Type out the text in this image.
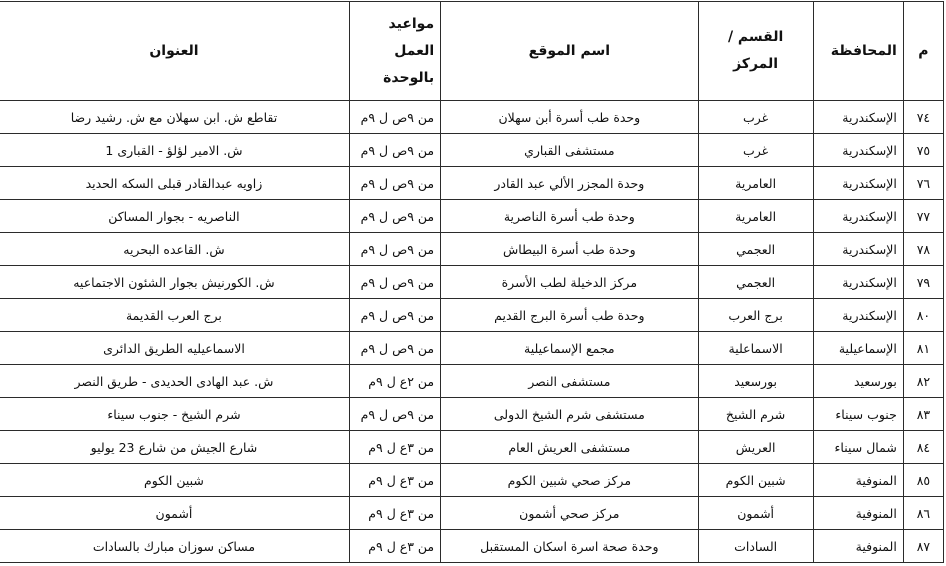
م	المحافظة	القسم / المركز	اسم الموقع	مواعيد العمل بالوحدة	العنوان
٧٤	الإسكندرية	غرب	وحدة طب أسرة أبن سهلان	من ٩ص ل ٩م	تقاطع ش. ابن سهلان مع ش. رشيد رضا
٧٥	الإسكندرية	غرب	مستشفى القباري	من ٩ص ل ٩م	ش. الامير لؤلؤ - القبارى 1
٧٦	الإسكندرية	العامرية	وحدة المجزر الألي عبد القادر	من ٩ص ل ٩م	زاويه عبدالقادر قبلى السكه الحديد
٧٧	الإسكندرية	العامرية	وحدة طب أسرة الناصرية	من ٩ص ل ٩م	الناصريه - بجوار المساكن
٧٨	الإسكندرية	العجمي	وحدة طب أسرة البيطاش	من ٩ص ل ٩م	ش. القاعده البحريه
٧٩	الإسكندرية	العجمي	مركز الدخيلة لطب الأسرة	من ٩ص ل ٩م	ش. الكورنيش بجوار الشئون الاجتماعيه
٨٠	الإسكندرية	برج العرب	وحدة طب أسرة البرج القديم	من ٩ص ل ٩م	برج العرب القديمة
٨١	الإسماعيلية	الاسماعلية	مجمع الإسماعيلية	من ٩ص ل ٩م	الاسماعيليه الطريق الدائرى
٨٢	بورسعيد	بورسعيد	مستشفى النصر	من ٢ع ل ٩م	ش. عبد الهادى الحديدى - طريق النصر
٨٣	جنوب سيناء	شرم الشيخ	مستشفى شرم الشيخ الدولى	من ٩ص ل ٩م	شرم الشيخ - جنوب سيناء
٨٤	شمال سيناء	العريش	مستشفى العريش العام	من ٣ع ل ٩م	شارع الجيش من شارع 23 يوليو
٨٥	المنوفية	شبين الكوم	مركز صحي شبين الكوم	من ٣ع ل ٩م	شبين الكوم
٨٦	المنوفية	أشمون	مركز صحي أشمون	من ٣ع ل ٩م	أشمون
٨٧	المنوفية	السادات	وحدة صحة اسرة اسكان المستقبل	من ٣ع ل ٩م	مساكن سوزان مبارك بالسادات
